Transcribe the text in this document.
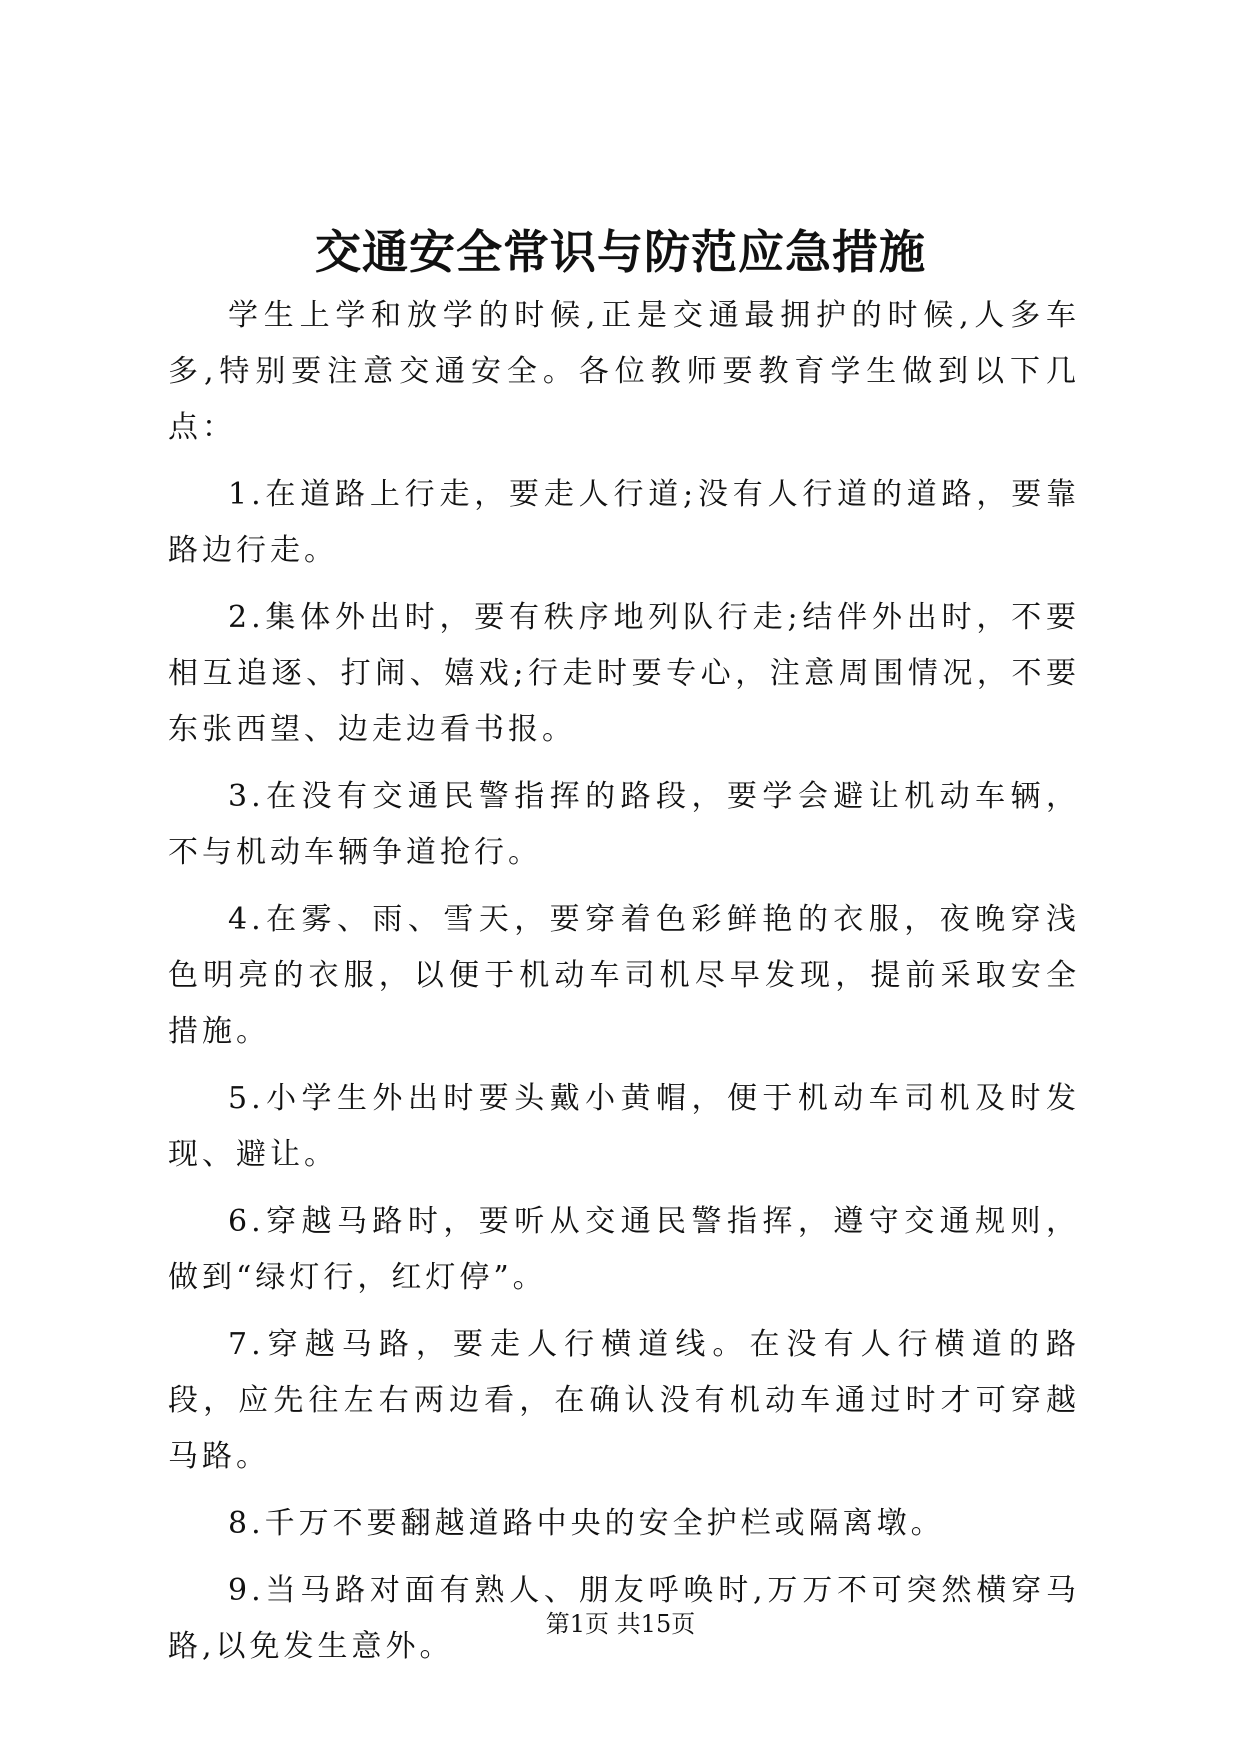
交通安全常识与防范应急措施

学生上学和放学的时候,正是交通最拥护的时候,人多车多,特别要注意交通安全。各位教师要教育学生做到以下几点：

1.在道路上行走，要走人行道;没有人行道的道路，要靠路边行走。

2.集体外出时，要有秩序地列队行走;结伴外出时，不要相互追逐、打闹、嬉戏;行走时要专心，注意周围情况，不要东张西望、边走边看书报。

3.在没有交通民警指挥的路段，要学会避让机动车辆，不与机动车辆争道抢行。

4.在雾、雨、雪天，要穿着色彩鲜艳的衣服，夜晚穿浅色明亮的衣服，以便于机动车司机尽早发现，提前采取安全措施。

5.小学生外出时要头戴小黄帽，便于机动车司机及时发现、避让。

6.穿越马路时，要听从交通民警指挥，遵守交通规则，做到“绿灯行，红灯停”。

7.穿越马路，要走人行横道线。在没有人行横道的路段，应先往左右两边看，在确认没有机动车通过时才可穿越马路。

8.千万不要翻越道路中央的安全护栏或隔离墩。

9.当马路对面有熟人、朋友呼唤时,万万不可突然横穿马路,以免发生意外。

第1页 共15页
